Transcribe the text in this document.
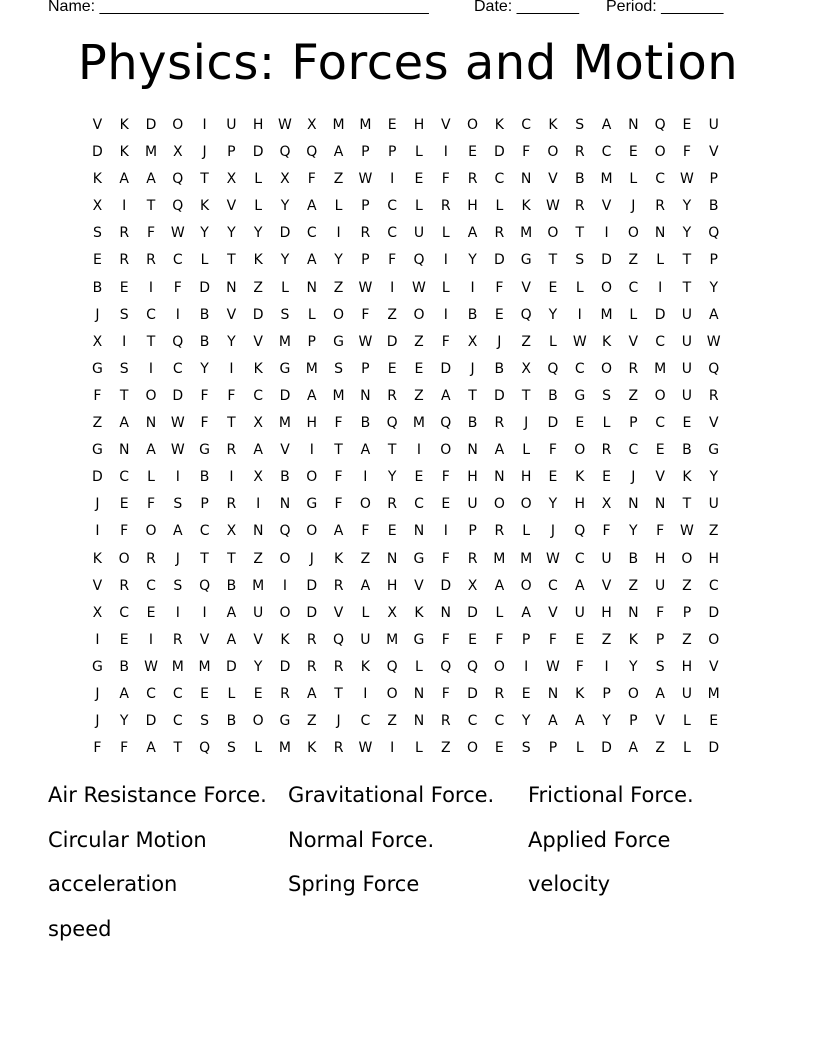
Name: _____________________________________	Date: _______ Period: _______
Physics: Forces and Motion
V	K	D	O	I	U	H	W	X	M	M	E	H	V	O	K	C	K	S	A	N	Q	E	U
D	K	M	X	J	P	D	Q	Q	A	P	P	L	I	E	D	F	O	R	C	E	O	F	V
K	A	A	Q	T	X	L	X	F	Z	W	I	E	F	R	C	N	V	B	M	L	C	W	P
X	I	T	Q	K	V	L	Y	A	L	P	C	L	R	H	L	K	W	R	V	J	R	Y	B
S	R	F	W	Y	Y	Y	D	C	I	R	C	U	L	A	R	M	O	T	I	O	N	Y	Q
E	R	R	C	L	T	K	Y	A	Y	P	F	Q	I	Y	D	G	T	S	D	Z	L	T	P
B	E	I	F	D	N	Z	L	N	Z	W	I	W	L	I	F	V	E	L	O	C	I	T	Y
J	S	C	I	B	V	D	S	L	O	F	Z	O	I	B	E	Q	Y	I	M	L	D	U	A
X	I	T	Q	B	Y	V	M	P	G	W	D	Z	F	X	J	Z	L	W	K	V	C	U	W
G	S	I	C	Y	I	K	G	M	S	P	E	E	D	J	B	X	Q	C	O	R	M	U	Q
F	T	O	D	F	F	C	D	A	M	N	R	Z	A	T	D	T	B	G	S	Z	O	U	R
Z	A	N	W	F	T	X	M	H	F	B	Q	M	Q	B	R	J	D	E	L	P	C	E	V
G	N	A	W	G	R	A	V	I	T	A	T	I	O	N	A	L	F	O	R	C	E	B	G
D	C	L	I	B	I	X	B	O	F	I	Y	E	F	H	N	H	E	K	E	J	V	K	Y
J	E	F	S	P	R	I	N	G	F	O	R	C	E	U	O	O	Y	H	X	N	N	T	U
I	F	O	A	C	X	N	Q	O	A	F	E	N	I	P	R	L	J	Q	F	Y	F	W	Z
K	O	R	J	T	T	Z	O	J	K	Z	N	G	F	R	M	M W	C	U	B	H	O	H
V	R	C	S	Q	B	M	I	D	R	A	H	V	D	X	A	O	C	A	V	Z	U	Z	C
X	C	E	I	I	A	U	O	D	V	L	X	K	N	D	L	A	V	U	H	N	F	P	D
I	E	I	R	V	A	V	K	R	Q	U	M	G	F	E	F	P	F	E	Z	K	P	Z	O
G	B	W M	M	D	Y	D	R	R	K	Q	L	Q	Q	O	I	W	F	I	Y	S	H	V
J	A	C	C	E	L	E	R	A	T	I	O	N	F	D	R	E	N	K	P	O	A	U	M
J	Y	D	C	S	B	O	G	Z	J	C	Z	N	R	C	C	Y	A	A	Y	P	V	L	E
F	F	A	T	Q	S	L	M	K	R	W	I	L	Z	O	E	S	P	L	D	A	Z	L	D
Air Resistance Force.	Gravitational Force.	Frictional Force.
Circular Motion	Normal Force.	Applied Force
acceleration	Spring Force	velocity
speed
